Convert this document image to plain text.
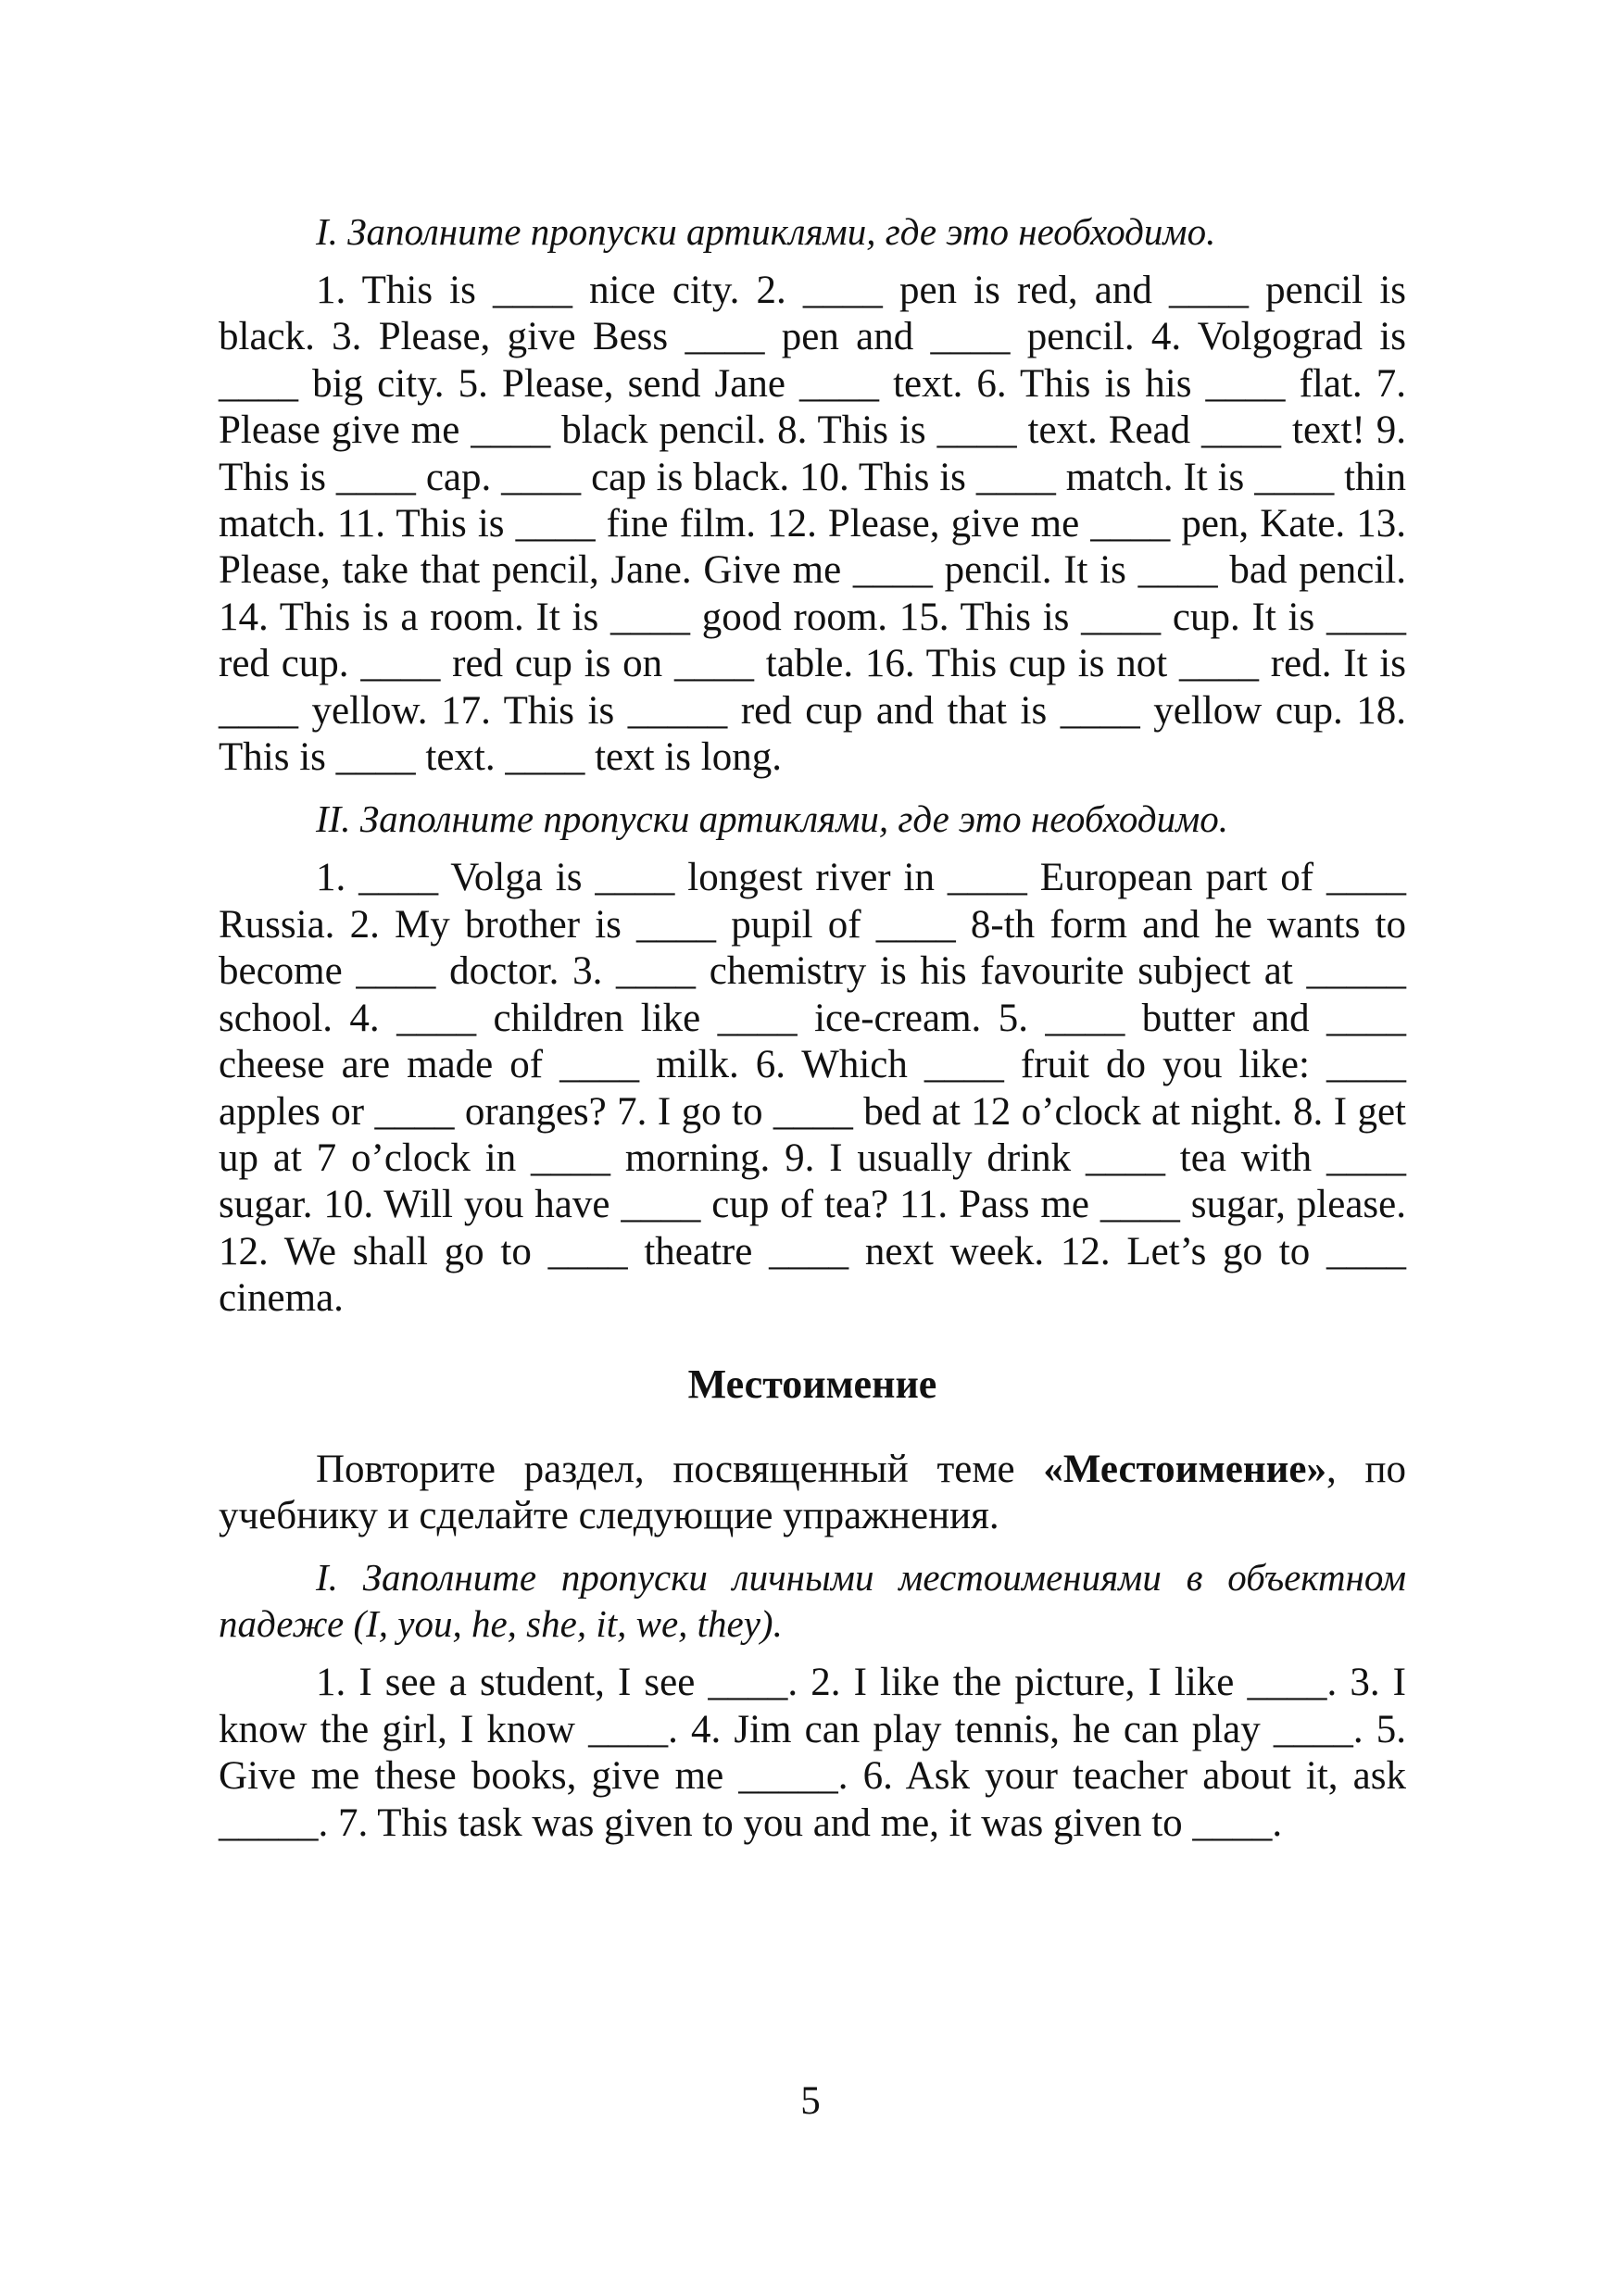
I. Заполните пропуски артиклями, где это необходимо.

1. This is ____ nice city. 2. ____ pen is red, and ____ pencil is black. 3. Please, give Bess ____ pen and ____ pencil. 4. Volgograd is ____ big city. 5. Please, send Jane ____ text. 6. This is his ____ flat. 7. Please give me ____ black pencil. 8. This is ____ text. Read ____ text! 9. This is ____ cap. ____ cap is black. 10. This is ____ match. It is ____ thin match. 11. This is ____ fine film. 12. Please, give me ____ pen, Kate. 13. Please, take that pencil, Jane. Give me ____ pencil. It is ____ bad pencil. 14. This is a room. It is ____ good room. 15. This is ____ cup. It is ____ red cup. ____ red cup is on ____ table. 16. This cup is not ____ red. It is ____ yellow. 17. This is _____ red cup and that is ____ yellow cup. 18. This is ____ text. ____ text is long.

II. Заполните пропуски артиклями, где это необходимо.

1. ____ Volga is ____ longest river in ____ European part of ____ Russia. 2. My brother is ____ pupil of ____ 8-th form and he wants to become ____ doctor. 3. ____ chemistry is his favourite subject at _____ school. 4. ____ children like ____ ice-cream. 5. ____ butter and ____ cheese are made of ____ milk. 6. Which ____ fruit do you like: ____ apples or ____ oranges? 7. I go to ____ bed at 12 o’clock at night. 8. I get up at 7 o’clock in ____ morning. 9. I usually drink ____ tea with ____ sugar. 10. Will you have ____ cup of tea? 11. Pass me ____ sugar, please. 12. We shall go to ____ theatre ____ next week. 12. Let’s go to ____ cinema.

Местоимение

Повторите раздел, посвященный теме «Местоимение», по учебнику и сделайте следующие упражнения.

I. Заполните пропуски личными местоимениями в объектном падеже (I, you, he, she, it, we, they).

1. I see a student, I see ____. 2. I like the picture, I like ____. 3. I know the girl, I know ____. 4. Jim can play tennis, he can play ____. 5. Give me these books, give me _____. 6. Ask your teacher about it, ask _____. 7. This task was given to you and me, it was given to ____.

5
